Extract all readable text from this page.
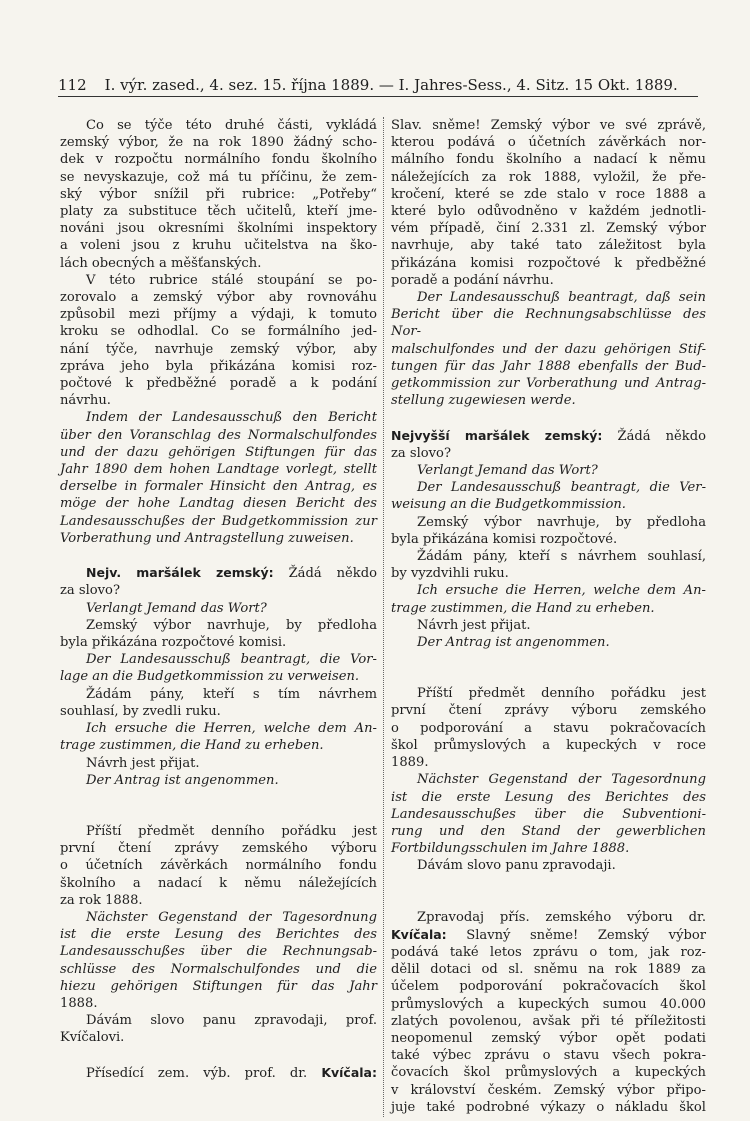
112 I. výr. zased., 4. sez. 15. října 1889. — I. Jahres-Sess., 4. Sitz. 15 Okt. 1889.

Co se týče této druhé části, vykládá

zemský výbor, že na rok 1890 žádný scho-

dek v rozpočtu normálního fondu školního

se nevyskazuje, což má tu příčinu, že zem-

ský výbor snížil při rubrice: „Potřeby“

platy za substituce těch učitelů, kteří jme-

nováni jsou okresními školními inspektory

a voleni jsou z kruhu učitelstva na ško-

lách obecných a měšťanských.

V této rubrice stálé stoupání se po-

zorovalo a zemský výbor aby rovnováhu

způsobil mezi příjmy a výdaji, k tomuto

kroku se odhodlal. Co se formálního jed-

nání týče, navrhuje zemský výbor, aby

zpráva jeho byla přikázána komisi roz-

počtové k předběžné poradě a k podání

návrhu.

Indem der Landesausschuß den Bericht

über den Voranschlag des Normalschulfondes

und der dazu gehörigen Stiftungen für das

Jahr 1890 dem hohen Landtage vorlegt, stellt

derselbe in formaler Hinsicht den Antrag, es

möge der hohe Landtag diesen Bericht des

Landesausschußes der Budgetkommission zur

Vorberathung und Antragstellung zuweisen.

Nejv. maršálek zemský: Žádá někdo

za slovo?

Verlangt Jemand das Wort?

Zemský výbor navrhuje, by předloha

byla přikázána rozpočtové komisi.

Der Landesausschuß beantragt, die Vor-

lage an die Budgetkommission zu verweisen.

Žádám pány, kteří s tím návrhem

souhlasí, by zvedli ruku.

Ich ersuche die Herren, welche dem An-

trage zustimmen, die Hand zu erheben.

Návrh jest přijat.

Der Antrag ist angenommen.

Příští předmět denního pořádku jest

první čtení zprávy zemského výboru

o účetních závěrkách normálního fondu

školního a nadací k němu náležejících

za rok 1888.

Nächster Gegenstand der Tagesordnung

ist die erste Lesung des Berichtes des

Landesausschußes über die Rechnungsab-

schlüsse des Normalschulfondes und die

hiezu gehörigen Stiftungen für das Jahr

1888.

Dávám slovo panu zpravodaji, prof.

Kvíčalovi.

Přísedící zem. výb. prof. dr. Kvíčala:

Slav. sněme! Zemský výbor ve své zprávě,

kterou podává o účetních závěrkách nor-

málního fondu školního a nadací k němu

náležejících za rok 1888, vyložil, že pře-

kročení, které se zde stalo v roce 1888 a

které bylo odůvodněno v každém jednotli-

vém případě, činí 2.331 zl. Zemský výbor

navrhuje, aby také tato záležitost byla

přikázána komisi rozpočtové k předběžné

poradě a podání návrhu.

Der Landesausschuß beantragt, daß sein

Bericht über die Rechnungsabschlüsse des Nor-

malschulfondes und der dazu gehörigen Stif-

tungen für das Jahr 1888 ebenfalls der Bud-

getkommission zur Vorberathung und Antrag-

stellung zugewiesen werde.

Nejvyšší maršálek zemský: Žádá někdo

za slovo?

Verlangt Jemand das Wort?

Der Landesausschuß beantragt, die Ver-

weisung an die Budgetkommission.

Zemský výbor navrhuje, by předloha

byla přikázána komisi rozpočtové.

Žádám pány, kteří s návrhem souhlasí,

by vyzdvihli ruku.

Ich ersuche die Herren, welche dem An-

trage zustimmen, die Hand zu erheben.

Návrh jest přijat.

Der Antrag ist angenommen.

Příští předmět denního pořádku jest

první čtení zprávy výboru zemského

o podporování a stavu pokračovacích

škol průmyslových a kupeckých v roce

1889.

Nächster Gegenstand der Tagesordnung

ist die erste Lesung des Berichtes des

Landesausschußes über die Subventioni-

rung und den Stand der gewerblichen

Fortbildungsschulen im Jahre 1888.

Dávám slovo panu zpravodaji.

Zpravodaj přís. zemského výboru dr.

Kvíčala: Slavný sněme! Zemský výbor

podává také letos zprávu o tom, jak roz-

dělil dotaci od sl. sněmu na rok 1889 za

účelem podporování pokračovacích škol

průmyslových a kupeckých sumou 40.000

zlatých povolenou, avšak při té příležitosti

neopomenul zemský výbor opět podati

také výbec zprávu o stavu všech pokra-

čovacích škol průmyslových a kupeckých

v království českém. Zemský výbor připo-

juje také podrobné výkazy o nákladu škol
